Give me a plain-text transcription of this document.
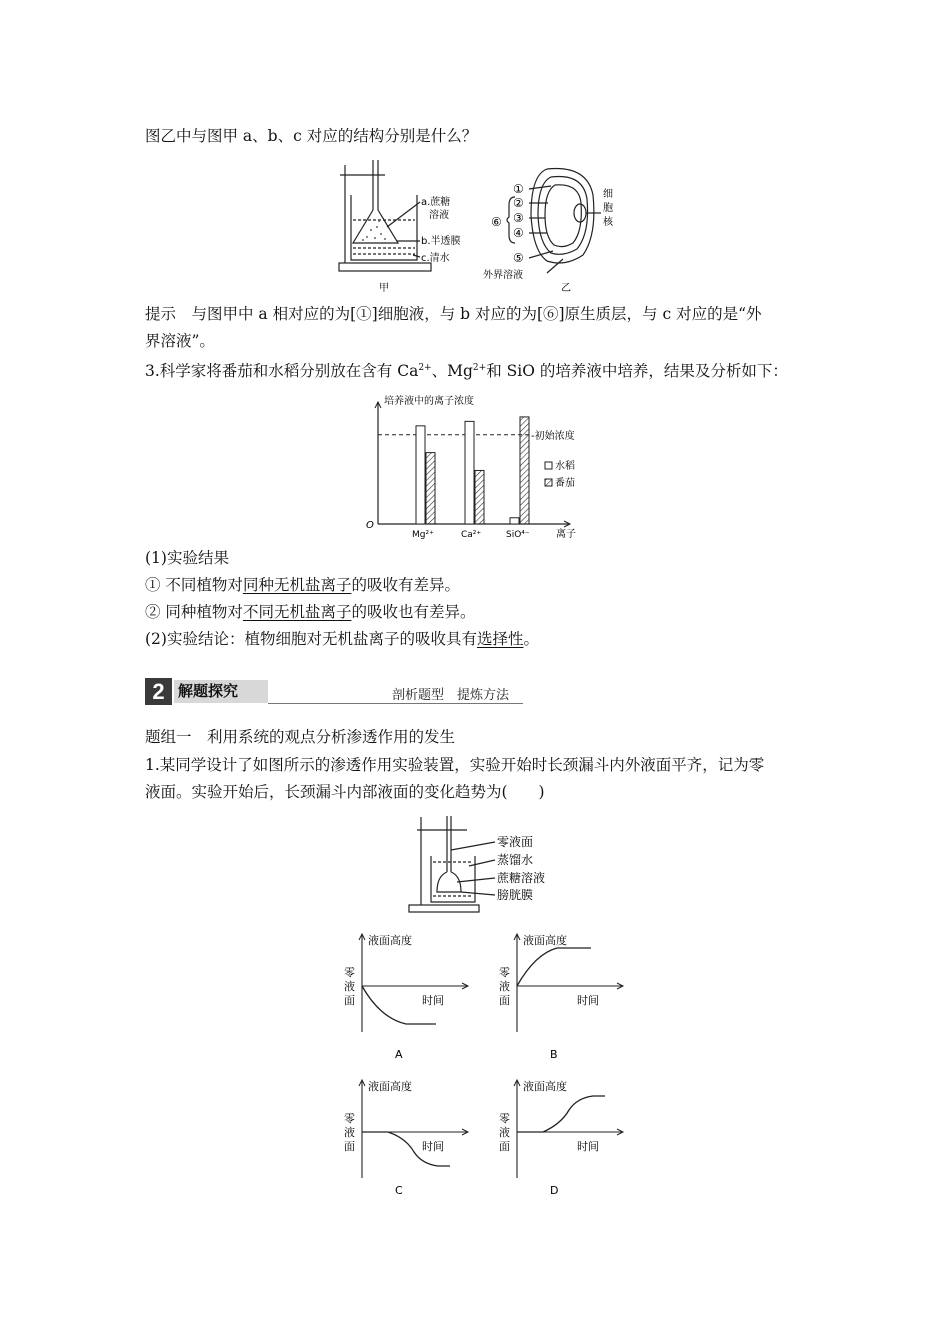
图乙中与图甲 a、b、c 对应的结构分别是什么？
a.蔗糖
溶液
b.半透膜
c.清水
甲
①
②
③
④
⑥
⑤
细
胞
核
外界溶液
乙
提示　与图甲中 a 相对应的为[①]细胞液，与 b 对应的为[⑥]原生质层，与 c 对应的是“外
界溶液”。
3.科学家将番茄和水稻分别放在含有 $Ca^{2+}$、$Mg^{2+}$和 SiO 的培养液中培养，结果及分析如下：
培养液中的离子浓度
离子
O
-初始浓度
Mg²⁺	Ca²⁺	SiO⁴⁻
水稻
番茄
(1)实验结果
① 不同植物对同种无机盐离子的吸收有差异。
② 同种植物对不同无机盐离子的吸收也有差异。
(2)实验结论：植物细胞对无机盐离子的吸收具有选择性。
2 解题探究	剖析题型　提炼方法
题组一　利用系统的观点分析渗透作用的发生
1.某同学设计了如图所示的渗透作用实验装置，实验开始时长颈漏斗内外液面平齐，记为零
液面。实验开始后，长颈漏斗内部液面的变化趋势为(　　)
零液面
蒸馏水
蔗糖溶液
膀胱膜
液面高度
零
液
面	时间
A
液面高度
零
液
面	时间
B
液面高度
零
液
面	时间
C
液面高度
零
液
面	时间
D
